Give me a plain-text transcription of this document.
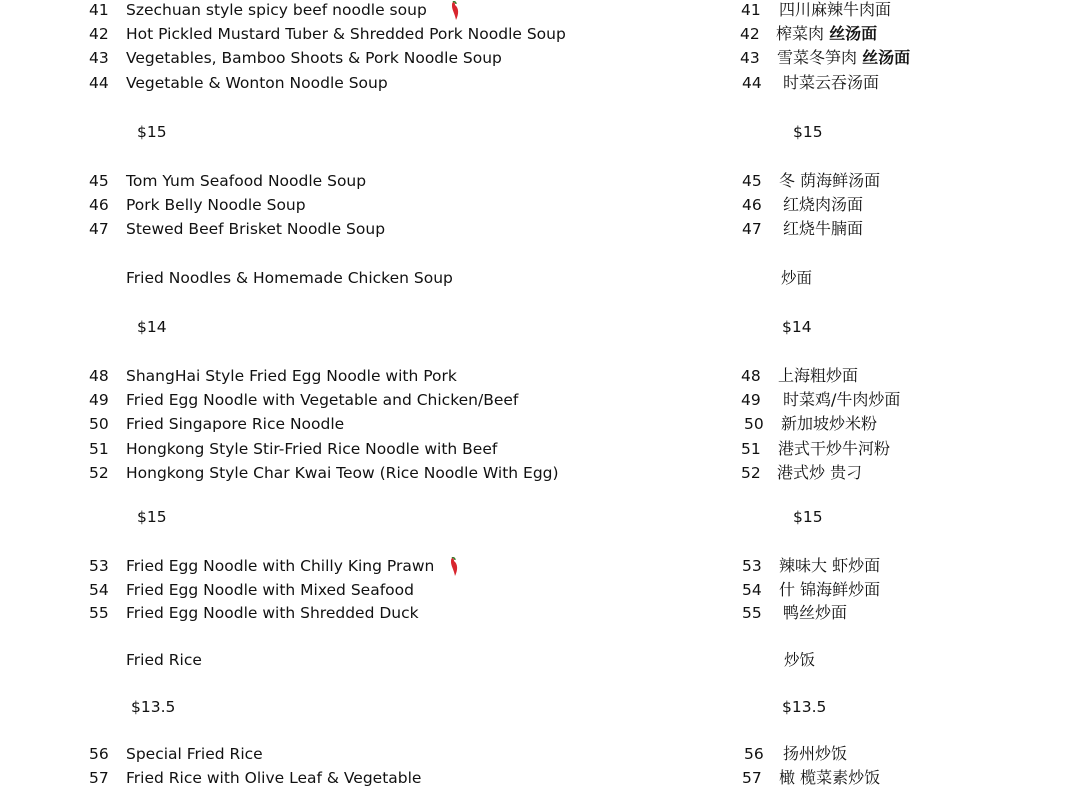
41	Szechuan style spicy beef noodle soup	41	四川麻辣牛肉面
42	Hot Pickled Mustard Tuber & Shredded Pork Noodle Soup	42	榨菜肉 丝汤面
43	Vegetables, Bamboo Shoots & Pork Noodle Soup	43	雪菜冬笋肉 丝汤面
44	Vegetable & Wonton Noodle Soup	44	时菜云吞汤面
$15	$15
45	Tom Yum Seafood Noodle Soup	45	冬 荫海鲜汤面
46	Pork Belly Noodle Soup	46	红烧肉汤面
47	Stewed Beef Brisket Noodle Soup	47	红烧牛腩面
Fried Noodles & Homemade Chicken Soup	炒面
$14	$14
48	ShangHai Style Fried Egg Noodle with Pork	48	上海粗炒面
49	Fried Egg Noodle with Vegetable and Chicken/Beef	49	时菜鸡/牛肉炒面
50	Fried Singapore Rice Noodle	50	新加坡炒米粉
51	Hongkong Style Stir-Fried Rice Noodle with Beef	51	港式干炒牛河粉
52	Hongkong Style Char Kwai Teow (Rice Noodle With Egg)	52	港式炒 贵刁
$15	$15
53	Fried Egg Noodle with Chilly King Prawn	53	辣味大 虾炒面
54	Fried Egg Noodle with Mixed Seafood	54	什 锦海鲜炒面
55	Fried Egg Noodle with Shredded Duck	55	鸭丝炒面
Fried Rice	炒饭
$13.5	$13.5
56	Special Fried Rice	56	扬州炒饭
57	Fried Rice with Olive Leaf & Vegetable	57	橄 榄菜素炒饭
